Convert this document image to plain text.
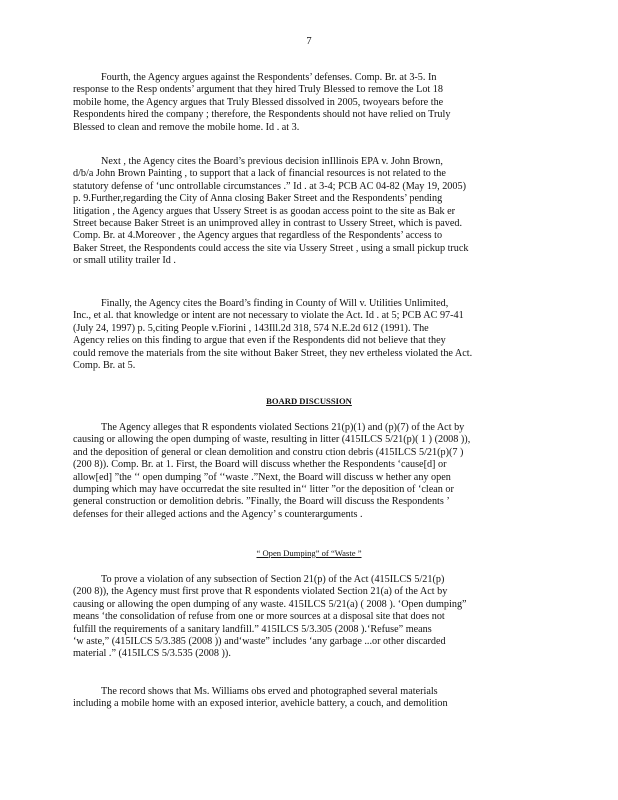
7

Fourth, the Agency argues against the Respondents’ defenses. Comp. Br. at 3-5. In
response to the Resp ondents’ argument that they hired Truly Blessed to remove the Lot 18
mobile home, the Agency argues that Truly Blessed dissolved in 2005, twoyears before the
Respondents hired the company ; therefore, the Respondents should not have relied on Truly
Blessed to clean and remove the mobile home. Id . at 3.

Next , the Agency cites the Board’s previous decision inIllinois EPA v. John Brown,
d/b/a John Brown Painting , to support that a lack of financial resources is not related to the
statutory defense of ‘unc ontrollable circumstances .” Id . at 3-4; PCB AC 04-82 (May 19, 2005)
p. 9.Further,regarding the City of Anna closing Baker Street and the Respondents’ pending
litigation , the Agency argues that Ussery Street is as goodan access point to the site as Bak er
Street because Baker Street is an unimproved alley in contrast to Ussery Street, which is paved.
Comp. Br. at 4.Moreover , the Agency argues that regardless of the Respondents’ access to
Baker Street, the Respondents could access the site via Ussery Street , using a small pickup truck
or small utility trailer Id .

Finally, the Agency cites the Board’s finding in County of Will v. Utilities Unlimited,
Inc., et al. that knowledge or intent are not necessary to violate the Act. Id . at 5; PCB AC 97-41
(July 24, 1997) p. 5,citing People v.Fiorini , 143Ill.2d 318, 574 N.E.2d 612 (1991). The
Agency relies on this finding to argue that even if the Respondents did not believe that they
could remove the materials from the site without Baker Street, they nev ertheless violated the Act.
Comp. Br. at 5.

BOARD DISCUSSION

The Agency alleges that R espondents violated Sections 21(p)(1) and (p)(7) of the Act by
causing or allowing the open dumping of waste, resulting in litter (415ILCS 5/21(p)( 1 ) (2008 )),
and the deposition of general or clean demolition and constru ction debris (415ILCS 5/21(p)(7 )
(200 8)). Comp. Br. at 1. First, the Board will discuss whether the Respondents ‘cause[d] or
allow[ed] ”the ‘‘ open dumping ”of ‘‘waste .”Next, the Board will discuss w hether any open
dumping which may have occurredat the site resulted in‘‘ litter ”or the deposition of ‘clean or
general construction or demolition debris. ”Finally, the Board will discuss the Respondents ’
defenses for their alleged actions and the Agency’ s counterarguments .

“ Open Dumping” of “Waste ”

To prove a violation of any subsection of Section 21(p) of the Act (415ILCS 5/21(p)
(200 8)), the Agency must first prove that R espondents violated Section 21(a) of the Act by
causing or allowing the open dumping of any waste. 415ILCS 5/21(a) ( 2008 ). ‘Open dumping”
means ‘the consolidation of refuse from one or more sources at a disposal site that does not
fulfill the requirements of a sanitary landfill.” 415ILCS 5/3.305 (2008 ).‘Refuse” means
‘w aste,” (415ILCS 5/3.385 (2008 )) and‘waste” includes ‘any garbage ...or other discarded
material .” (415ILCS 5/3.535 (2008 )).

The record shows that Ms. Williams obs erved and photographed several materials
including a mobile home with an exposed interior, avehicle battery, a couch, and demolition
